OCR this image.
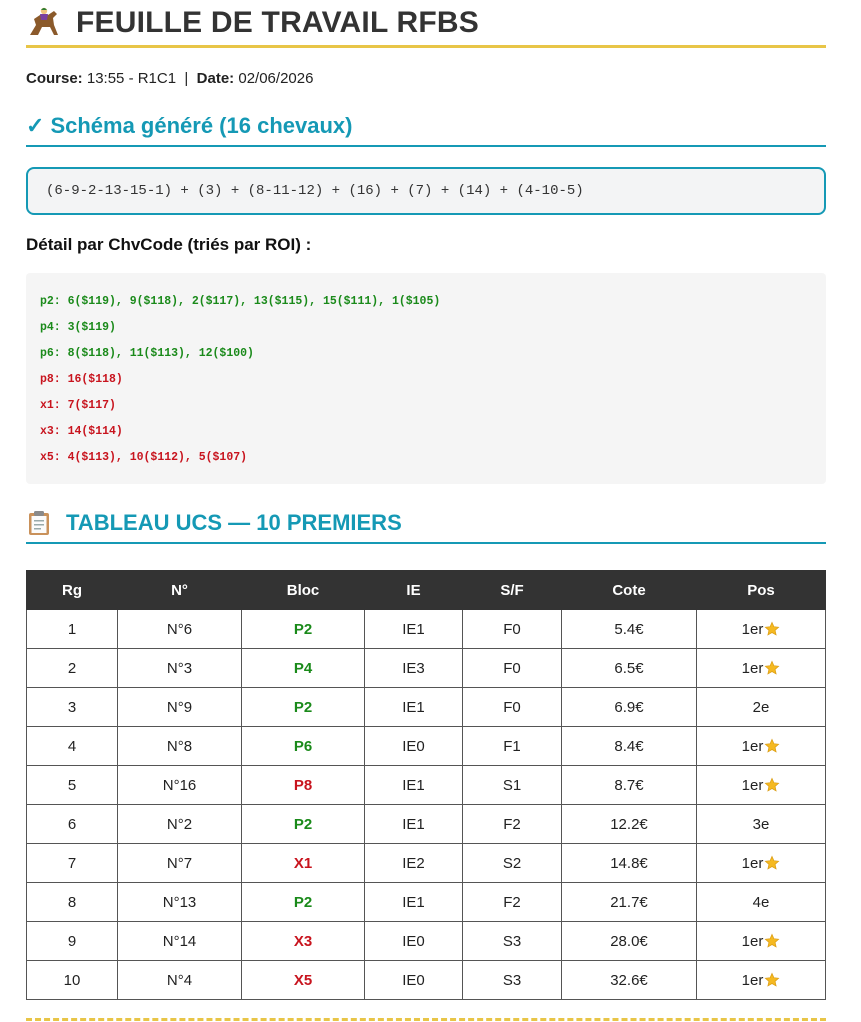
FEUILLE DE TRAVAIL RFBS
Course: 13:55 - R1C1 | Date: 02/06/2026
✓ Schéma généré (16 chevaux)
(6-9-2-13-15-1) + (3) + (8-11-12) + (16) + (7) + (14) + (4-10-5)
Détail par ChvCode (triés par ROI) :
p2: 6($119), 9($118), 2($117), 13($115), 15($111), 1($105)
p4: 3($119)
p6: 8($118), 11($113), 12($100)
p8: 16($118)
x1: 7($117)
x3: 14($114)
x5: 4($113), 10($112), 5($107)
TABLEAU UCS — 10 PREMIERS
Rg	N°	Bloc	IE	S/F	Cote	Pos
1	N°6	P2	IE1	F0	5.4€	1er
2	N°3	P4	IE3	F0	6.5€	1er
3	N°9	P2	IE1	F0	6.9€	2e
4	N°8	P6	IE0	F1	8.4€	1er
5	N°16	P8	IE1	S1	8.7€	1er
6	N°2	P2	IE1	F2	12.2€	3e
7	N°7	X1	IE2	S2	14.8€	1er
8	N°13	P2	IE1	F2	21.7€	4e
9	N°14	X3	IE0	S3	28.0€	1er
10	N°4	X5	IE0	S3	32.6€	1er
